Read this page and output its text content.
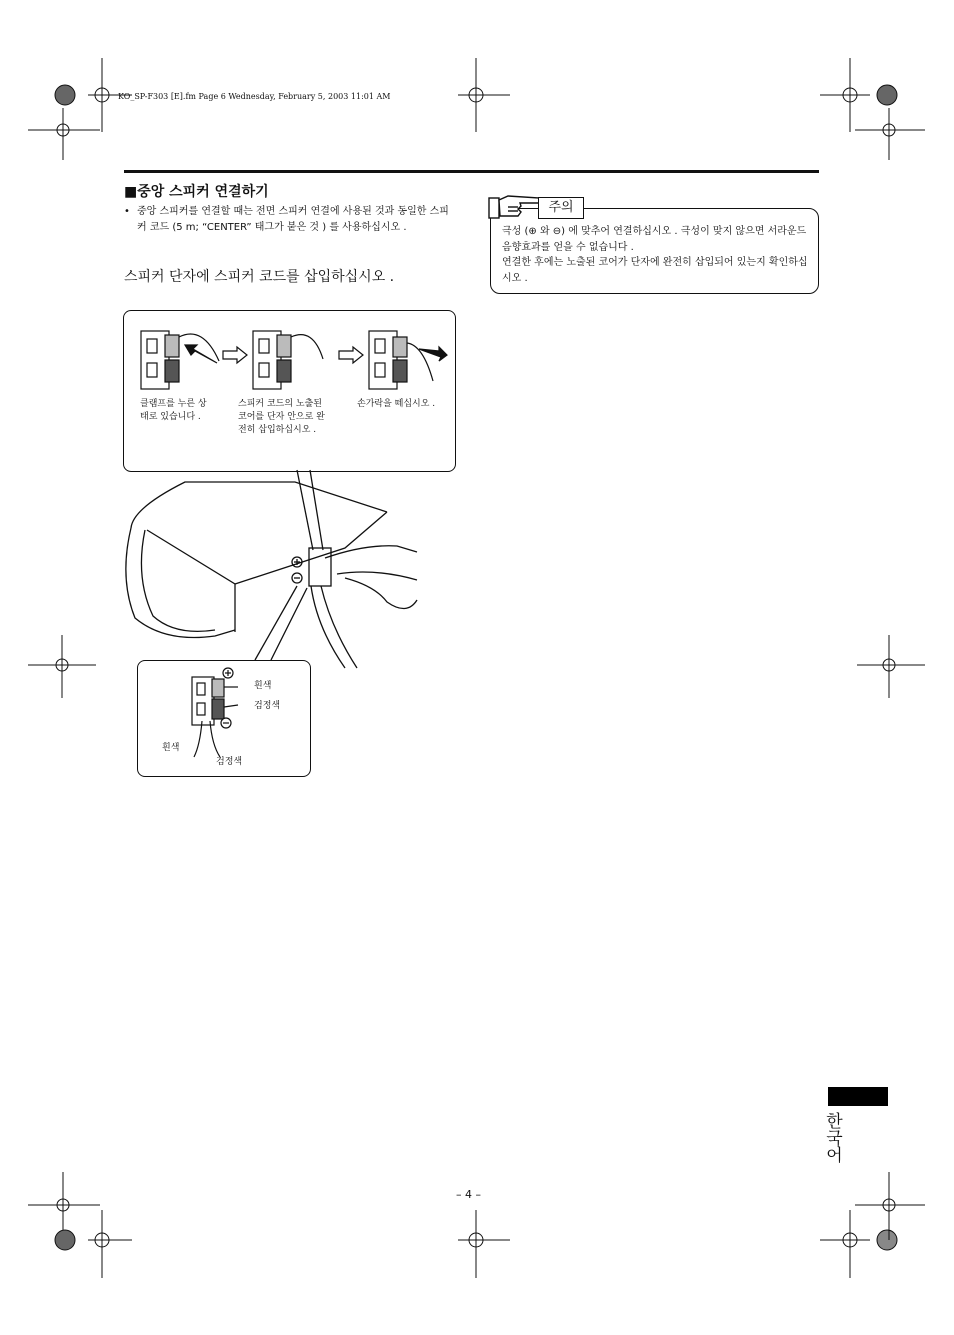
KO_SP-F303 [E].fm Page 6 Wednesday, February 5, 2003 11:01 AM
■중앙 스피커 연결하기
• 중앙 스피커를 연결할 때는 전면 스피커 연결에 사용된 것과 동일한 스피커 코드 (5 m; “CENTER” 태그가 붙은 것 ) 를 사용하십시오 .
스피커 단자에 스피커 코드를 삽입하십시오 .
주의
극성 (⊕ 와 ⊖) 에 맞추어 연결하십시오 . 극성이 맞지 않으면 서라운드 음향효과를 얻을 수 없습니다 .
연결한 후에는 노출된 코어가 단자에 완전히 삽입되어 있는지 확인하십시오 .
클램프를 누른 상태로 있습니다 .
스피커 코드의 노출된 코어를 단자 안으로 완전히 삽입하십시오 .
손가락을 떼십시오 .
흰색
검정색
흰색
검정색
– 4 –
한국어
